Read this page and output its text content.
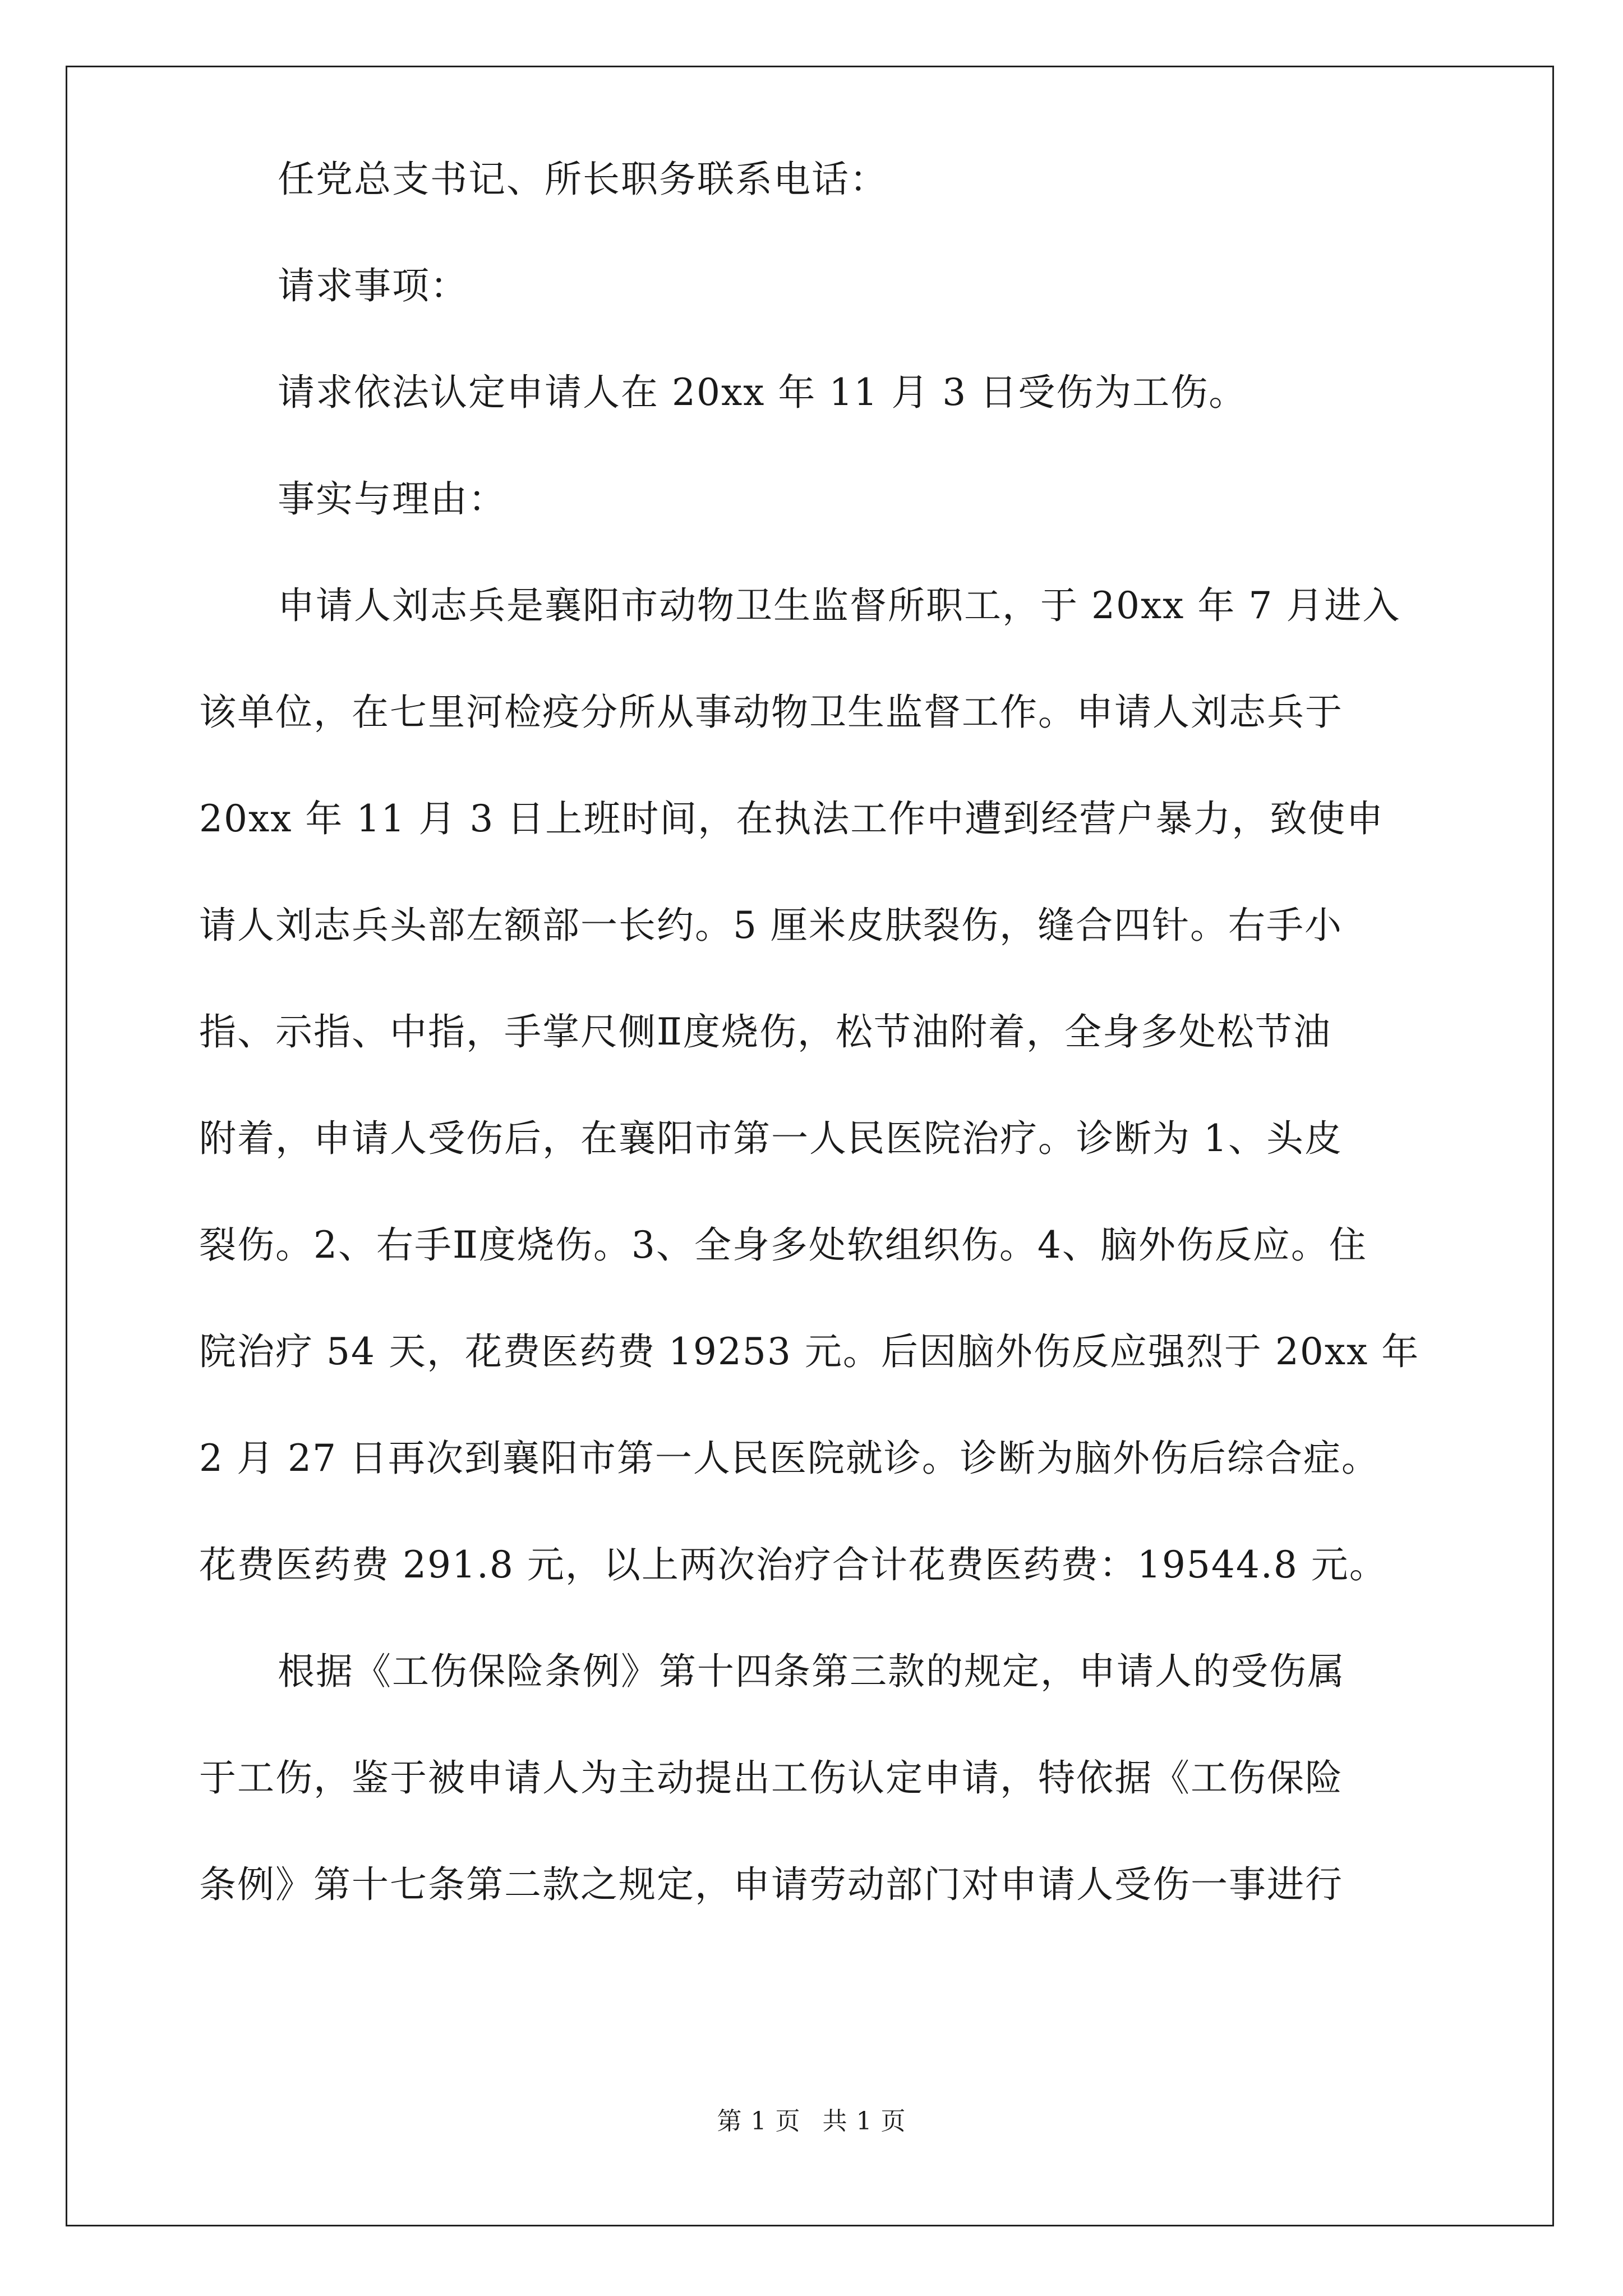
任党总支书记、所长职务联系电话：
请求事项：
请求依法认定申请人在 20xx 年 11 月 3 日受伤为工伤。
事实与理由：
申请人刘志兵是襄阳市动物卫生监督所职工，于 20xx 年 7 月进入
该单位，在七里河检疫分所从事动物卫生监督工作。申请人刘志兵于
20xx 年 11 月 3 日上班时间，在执法工作中遭到经营户暴力，致使申
请人刘志兵头部左额部一长约。5 厘米皮肤裂伤，缝合四针。右手小
指、示指、中指，手掌尺侧Ⅱ度烧伤，松节油附着，全身多处松节油
附着，申请人受伤后，在襄阳市第一人民医院治疗。诊断为 1、头皮
裂伤。2、右手Ⅱ度烧伤。3、全身多处软组织伤。4、脑外伤反应。住
院治疗 54 天，花费医药费 19253 元。后因脑外伤反应强烈于 20xx 年
2 月 27 日再次到襄阳市第一人民医院就诊。诊断为脑外伤后综合症。
花费医药费 291.8 元，以上两次治疗合计花费医药费：19544.8 元。
根据《工伤保险条例》第十四条第三款的规定，申请人的受伤属
于工伤，鉴于被申请人为主动提出工伤认定申请，特依据《工伤保险
条例》第十七条第二款之规定，申请劳动部门对申请人受伤一事进行
第 1 页 共 1 页
